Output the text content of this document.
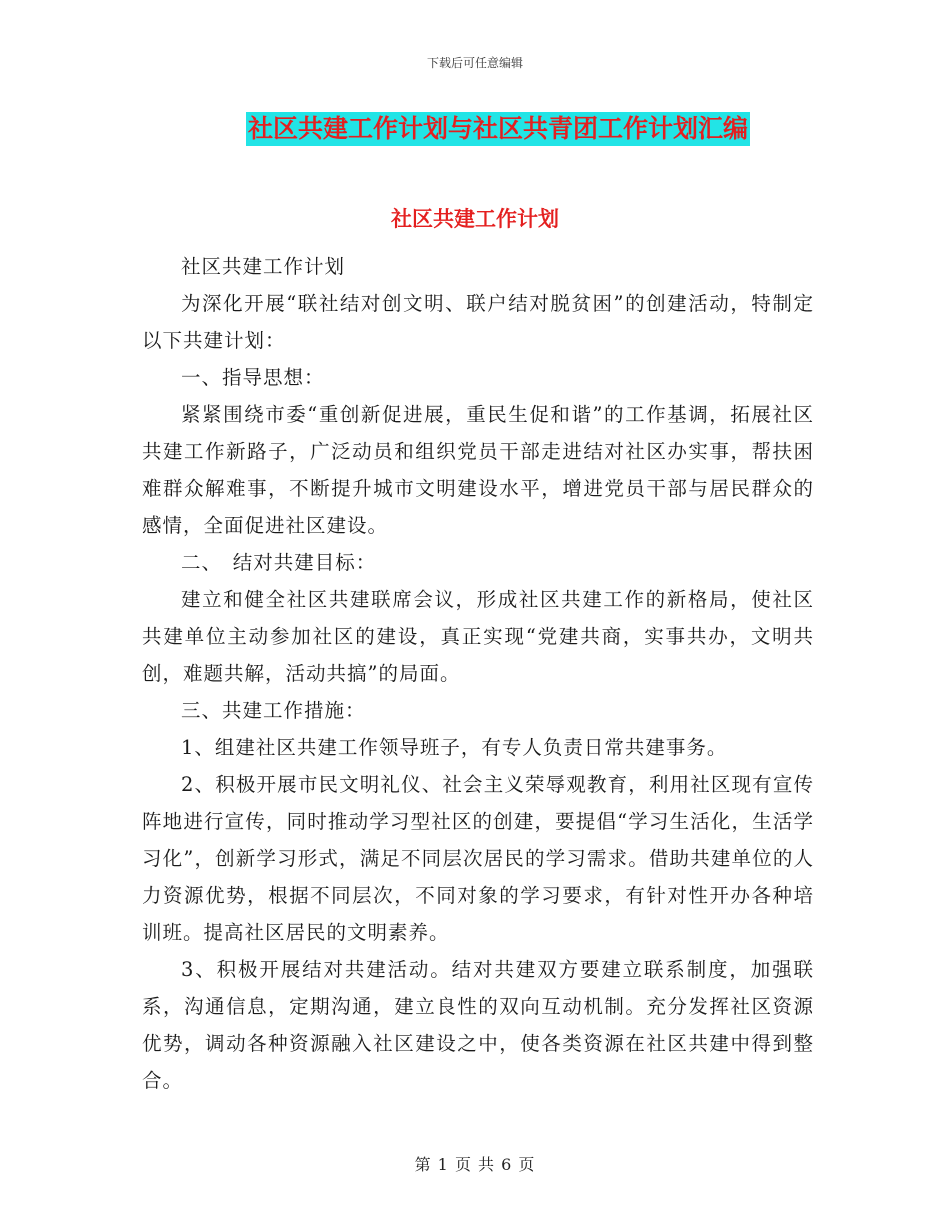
下载后可任意编辑
社区共建工作计划与社区共青团工作计划汇编
社区共建工作计划

社区共建工作计划

为深化开展“联社结对创文明、联户结对脱贫困”的创建活动，特制定以下共建计划：

一、指导思想：

紧紧围绕市委“重创新促进展，重民生促和谐”的工作基调，拓展社区共建工作新路子，广泛动员和组织党员干部走进结对社区办实事，帮扶困难群众解难事，不断提升城市文明建设水平，增进党员干部与居民群众的感情，全面促进社区建设。

二、　结对共建目标：

建立和健全社区共建联席会议，形成社区共建工作的新格局，使社区共建单位主动参加社区的建设，真正实现“党建共商，实事共办，文明共创，难题共解，活动共搞”的局面。

三、共建工作措施：

1、组建社区共建工作领导班子，有专人负责日常共建事务。

2、积极开展市民文明礼仪、社会主义荣辱观教育，利用社区现有宣传阵地进行宣传，同时推动学习型社区的创建，要提倡“学习生活化，生活学习化”，创新学习形式，满足不同层次居民的学习需求。借助共建单位的人力资源优势，根据不同层次，不同对象的学习要求，有针对性开办各种培训班。提高社区居民的文明素养。

3、积极开展结对共建活动。结对共建双方要建立联系制度，加强联系，沟通信息，定期沟通，建立良性的双向互动机制。充分发挥社区资源优势，调动各种资源融入社区建设之中，使各类资源在社区共建中得到整合。

第 1 页 共 6 页
